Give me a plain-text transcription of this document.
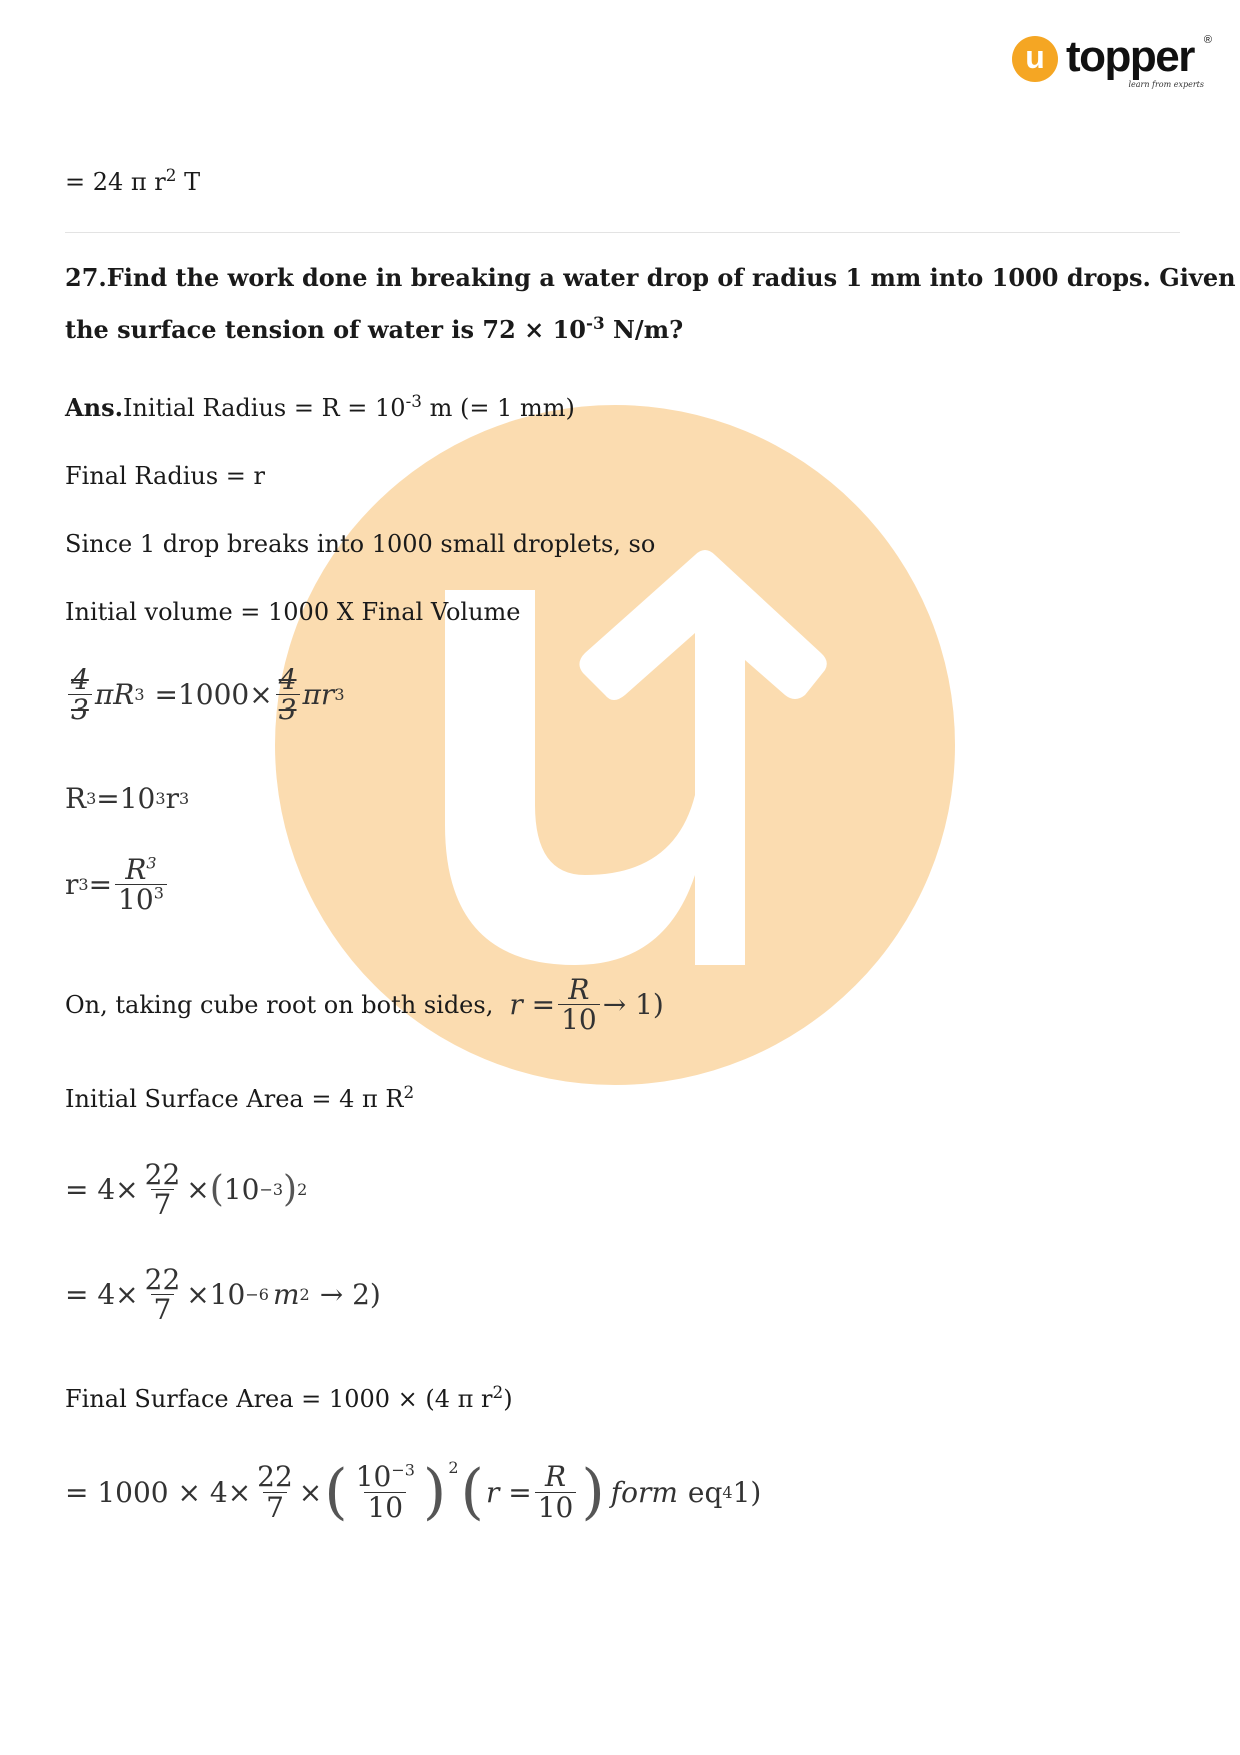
u topper ®
learn from experts
= 24 π $r^2$ T
27.Find the work done in breaking a water drop of radius 1 mm into 1000 drops. Given
the surface tension of water is $72 \times 10^{-3}$ N/m?
Ans.Initial Radius = $R = 10^{-3}$ m (= 1 mm)
Final Radius = r
Since 1 drop breaks into 1000 small droplets, so
Initial volume = 1000 X Final Volume
$\frac{4}{3}$ πR $3 =1000\times \frac{4}{3}$ πr 3
R 3 =10 3 r 3
r $3 = \frac{R^3}{10^3}$
On, taking cube root on both sides, $r = \frac{R}{10} \to 1$)
Initial Surface Area = 4 π $R^2$
= $4\times \frac{22}{7}$ × ( 10 −3 ) 2
= $4\times \frac{22}{7} \times 10 -6$ m 2 → 2)
Final Surface Area = 1000 × (4 π $r^2$)
= $1000 \times 4\times \frac{22}{7}$ × ( $\frac{10^{-3}}{10}$ ) 2 ( $r = \frac{R}{10}$ ) form eq 4 1)
